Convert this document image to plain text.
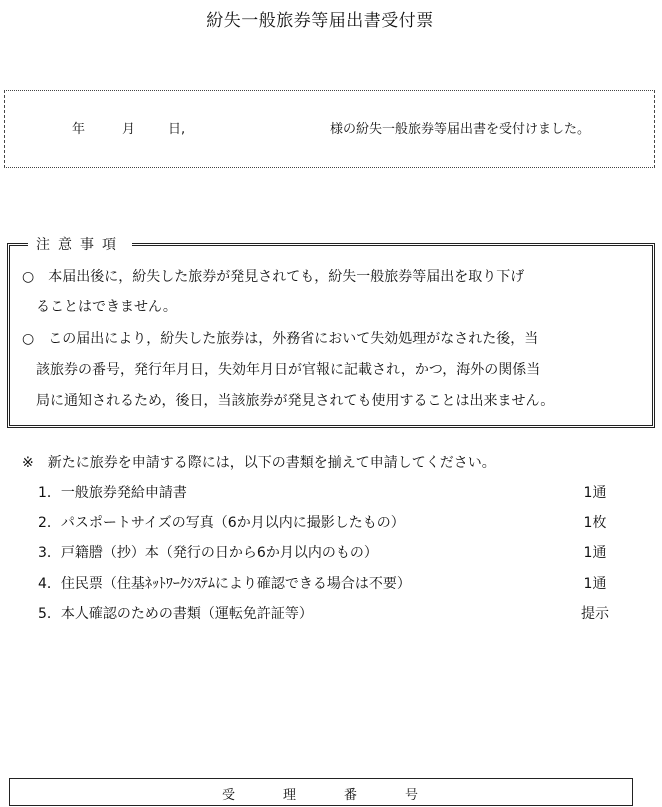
紛失一般旅券等届出書受付票
年	月	日,	様の紛失一般旅券等届出書を受付けました。
注意事項
○　本届出後に，紛失した旅券が発見されても，紛失一般旅券等届出を取り下げ
　ることはできません。
○　この届出により，紛失した旅券は，外務省において失効処理がなされた後，当
　該旅券の番号，発行年月日，失効年月日が官報に記載され，かつ，海外の関係当
　局に通知されるため，後日，当該旅券が発見されても使用することは出来ません。
※　新たに旅券を申請する際には，以下の書類を揃えて申請してください。
1．一般旅券発給申請書	1通
2．パスポートサイズの写真（6か月以内に撮影したもの）	1枚
3．戸籍謄（抄）本（発行の日から6か月以内のもの）	1通
4．住民票（住基ﾈｯﾄﾜｰｸｼｽﾃﾑにより確認できる場合は不要）	1通
5．本人確認のための書類（運転免許証等）	提示
受理番号
